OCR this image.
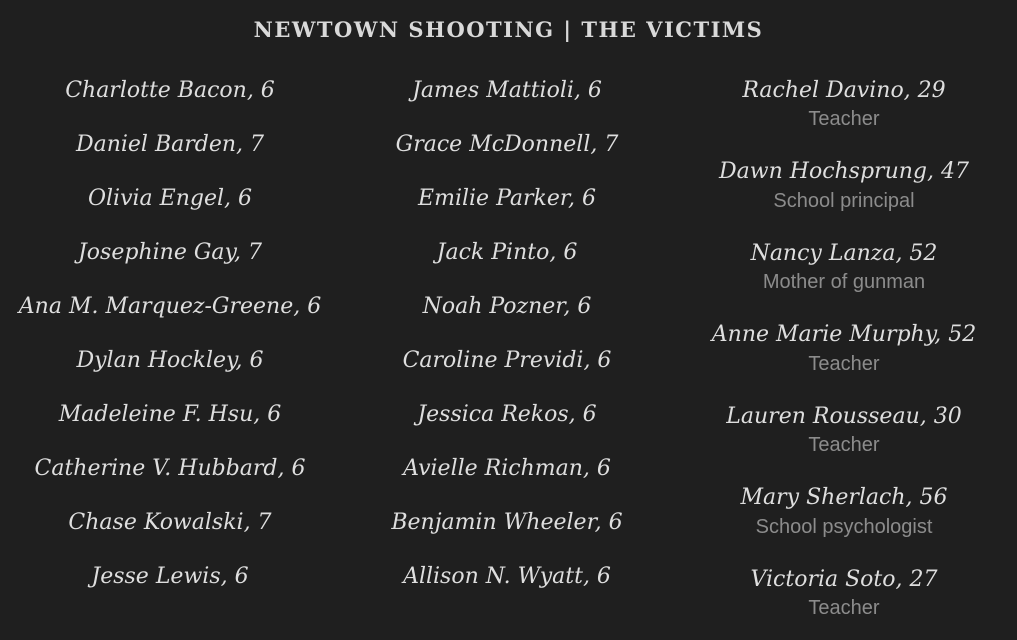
NEWTOWN SHOOTING | THE VICTIMS
Charlotte Bacon, 6
Daniel Barden, 7
Olivia Engel, 6
Josephine Gay, 7
Ana M. Marquez-Greene, 6
Dylan Hockley, 6
Madeleine F. Hsu, 6
Catherine V. Hubbard, 6
Chase Kowalski, 7
Jesse Lewis, 6
James Mattioli, 6
Grace McDonnell, 7
Emilie Parker, 6
Jack Pinto, 6
Noah Pozner, 6
Caroline Previdi, 6
Jessica Rekos, 6
Avielle Richman, 6
Benjamin Wheeler, 6
Allison N. Wyatt, 6
Rachel Davino, 29
Teacher
Dawn Hochsprung, 47
School principal
Nancy Lanza, 52
Mother of gunman
Anne Marie Murphy, 52
Teacher
Lauren Rousseau, 30
Teacher
Mary Sherlach, 56
School psychologist
Victoria Soto, 27
Teacher
